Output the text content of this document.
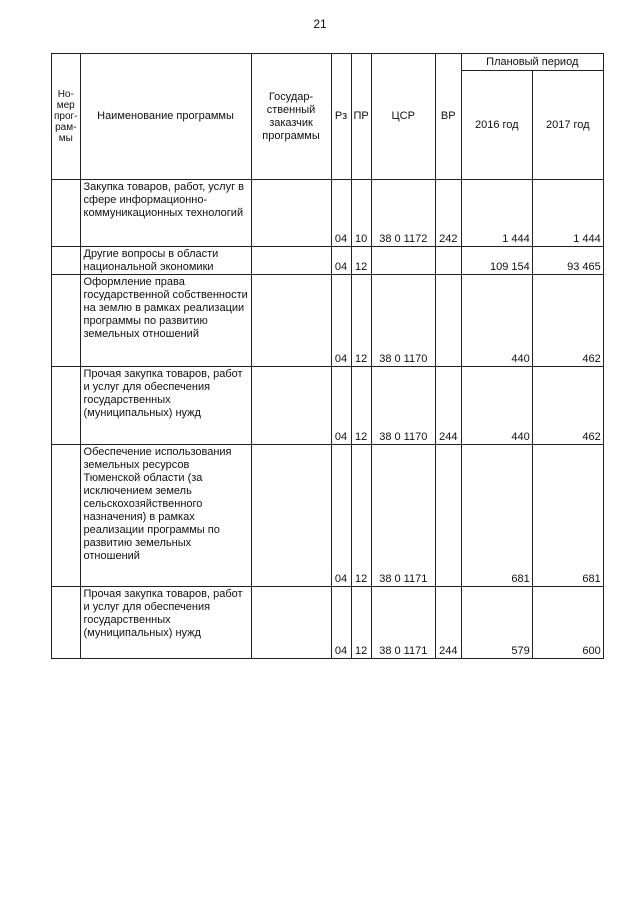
21
Но-
мер
прог-
рам-
мы	Наименование программы	Государ-
ственный
заказчик
программы	Рз	ПР	ЦСР	ВР	Плановый период	
							2016 год	2017 год
	Закупка товаров, работ, услуг в сфере информационно-коммуникационных технологий		04	10	38 0 1172	242	1 444	1 444
	Другие вопросы в области национальной экономики		04	12			109 154	93 465
	Оформление права государственной собственности на землю в рамках реализации программы по развитию земельных отношений		04	12	38 0 1170		440	462
	Прочая закупка товаров, работ и услуг для обеспечения государственных (муниципальных) нужд		04	12	38 0 1170	244	440	462
	Обеспечение использования земельных ресурсов Тюменской области (за исключением земель сельскохозяйственного назначения) в рамках реализации программы по развитию земельных отношений		04	12	38 0 1171		681	681
	Прочая закупка товаров, работ и услуг для обеспечения государственных (муниципальных) нужд		04	12	38 0 1171	244	579	600
